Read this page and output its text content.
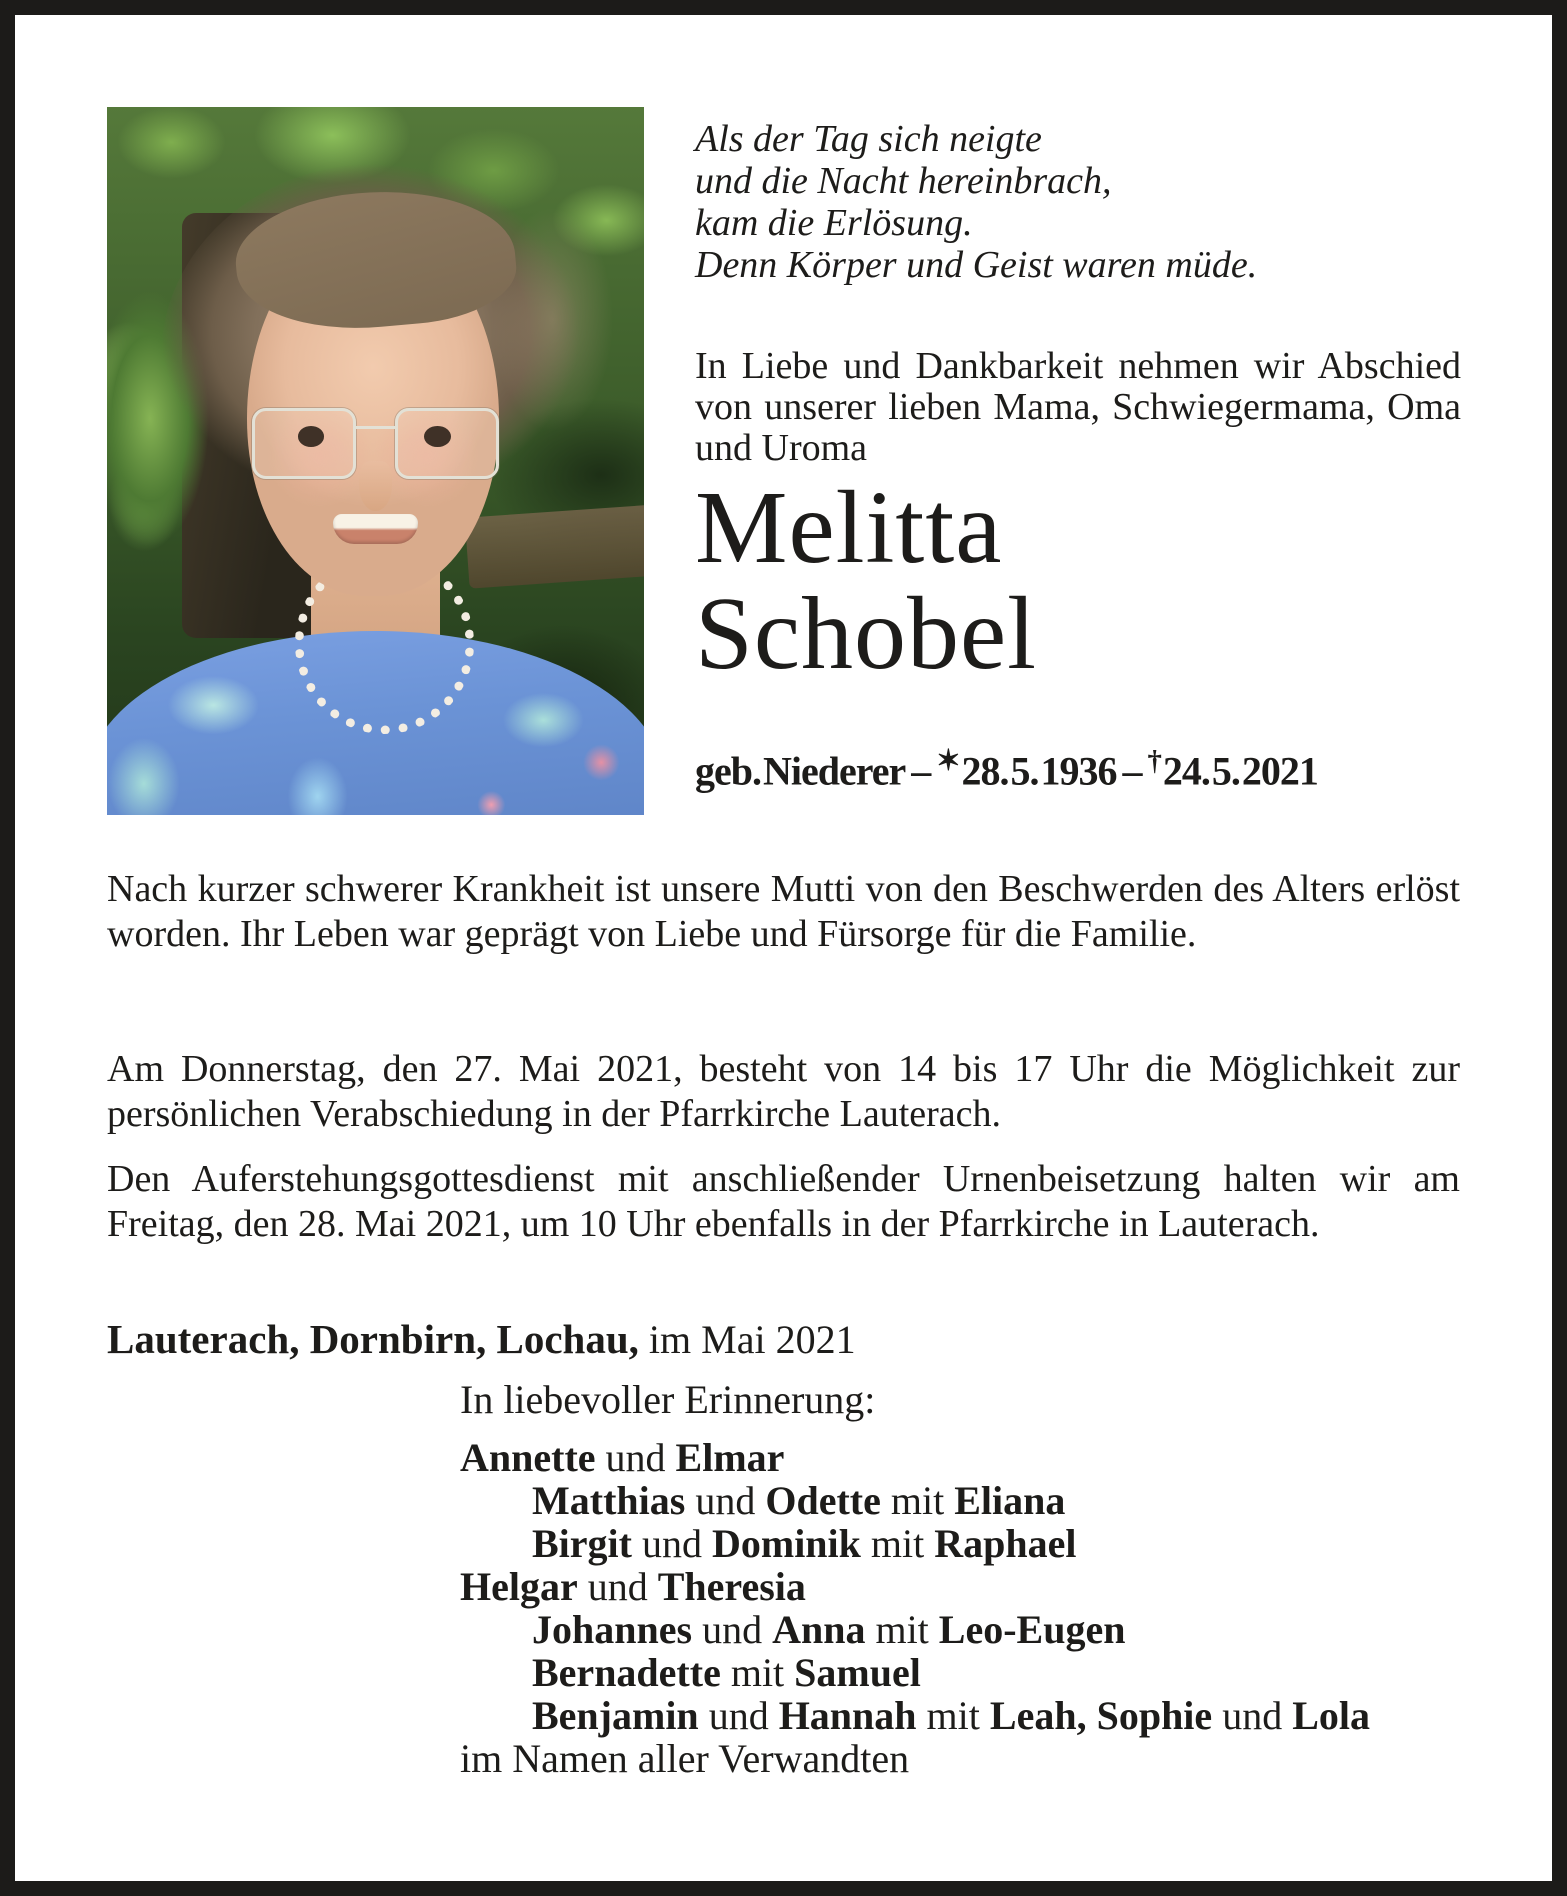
Als der Tag sich neigte
und die Nacht hereinbrach,
kam die Erlösung.
Denn Körper und Geist waren müde.

In Liebe und Dankbarkeit nehmen wir Abschied von unserer lieben Mama, Schwiegermama, Oma und Uroma

Melitta
Schobel
geb. Niederer – ✶28. 5. 1936 – †24. 5. 2021

Nach kurzer schwerer Krankheit ist unsere Mutti von den Beschwerden des Alters erlöst worden. Ihr Leben war geprägt von Liebe und Fürsorge für die Familie.

Am Donnerstag, den 27. Mai 2021, besteht von 14 bis 17 Uhr die Möglichkeit zur persönlichen Verabschiedung in der Pfarrkirche Lauterach.

Den Auferstehungsgottesdienst mit anschließender Urnenbeisetzung halten wir am Freitag, den 28. Mai 2021, um 10 Uhr ebenfalls in der Pfarrkirche in Lauterach.

Lauterach, Dornbirn, Lochau, im Mai 2021

In liebevoller Erinnerung:
Annette und Elmar
Matthias und Odette mit Eliana
Birgit und Dominik mit Raphael
Helgar und Theresia
Johannes und Anna mit Leo-Eugen
Bernadette mit Samuel
Benjamin und Hannah mit Leah, Sophie und Lola
im Namen aller Verwandten
